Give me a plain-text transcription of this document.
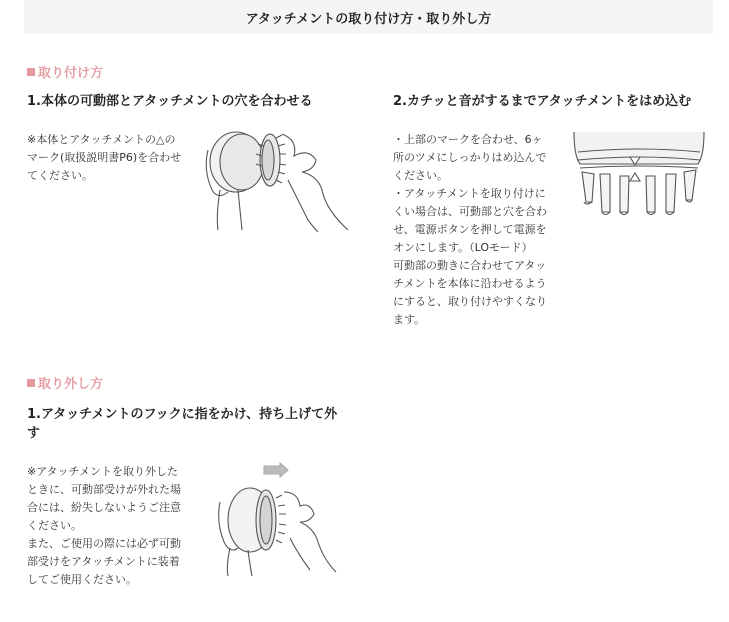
アタッチメントの取り付け方・取り外し方
取り付け方
1.本体の可動部とアタッチメントの穴を合わせる
※本体とアタッチメントの△の
マーク(取扱説明書P6)を合わせ
てください。
2.カチッと音がするまでアタッチメントをはめ込む
・上部のマークを合わせ、6ヶ
所のツメにしっかりはめ込んで
ください。
・アタッチメントを取り付けに
くい場合は、可動部と穴を合わ
せ、電源ボタンを押して電源を
オンにします。（LOモード）
可動部の動きに合わせてアタッ
チメントを本体に沿わせるよう
にすると、取り付けやすくなり
ます。
取り外し方
1.アタッチメントのフックに指をかけ、持ち上げて外
す
※アタッチメントを取り外した
ときに、可動部受けが外れた場
合には、紛失しないようご注意
ください。
また、ご使用の際には必ず可動
部受けをアタッチメントに装着
してご使用ください。
